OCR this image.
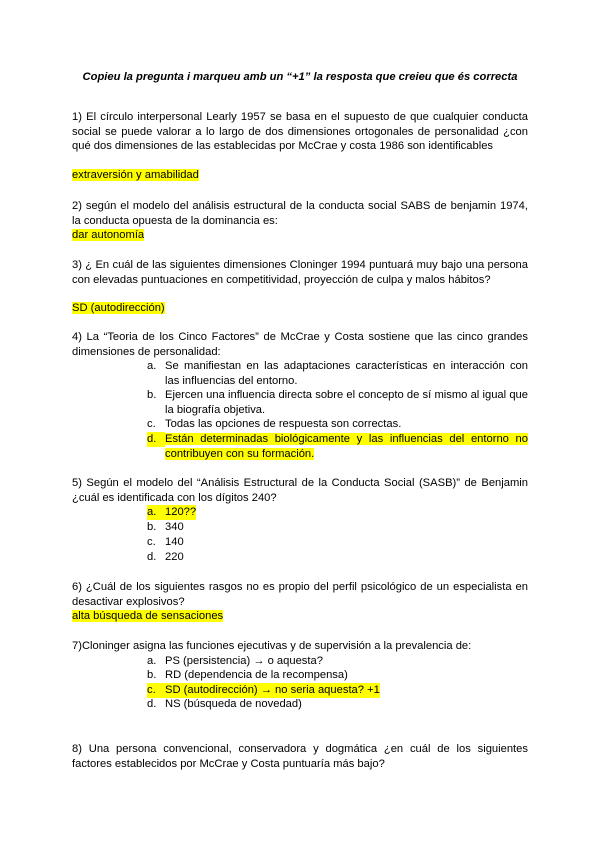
Copieu la pregunta i marqueu amb un “+1” la resposta que creieu que és correcta
1) El círculo interpersonal Learly 1957 se basa en el supuesto de que cualquier conducta social se puede valorar a lo largo de dos dimensiones ortogonales de personalidad ¿con qué dos dimensiones de las establecidas por McCrae y costa 1986 son identificables
extraversión y amabilidad
2) según el modelo del análisis estructural de la conducta social SABS de benjamin 1974, la conducta opuesta de la dominancia es:
dar autonomía
3) ¿ En cuál de las siguientes dimensiones Cloninger 1994 puntuará muy bajo una persona con elevadas puntuaciones en competitividad, proyección de culpa y malos hábitos?
SD (autodirección)
4) La “Teoria de los Cinco Factores” de McCrae y Costa sostiene que las cinco grandes dimensiones de personalidad:
a. Se manifiestan en las adaptaciones características en interacción con las influencias del entorno.
b. Ejercen una influencia directa sobre el concepto de sí mismo al igual que la biografía objetiva.
c. Todas las opciones de respuesta son correctas.
d. Están determinadas biológicamente y las influencias del entorno no contribuyen con su formación.
5) Según el modelo del “Análisis Estructural de la Conducta Social (SASB)” de Benjamin ¿cuál es identificada con los dígitos 240?
a. 120??
b. 340
c. 140
d. 220
6) ¿Cuál de los siguientes rasgos no es propio del perfil psicológico de un especialista en desactivar explosivos?
alta búsqueda de sensaciones
7)Cloninger asigna las funciones ejecutivas y de supervisión a la prevalencia de:
a. PS (persistencia) → o aquesta?
b. RD (dependencia de la recompensa)
c. SD (autodirección) → no seria aquesta? +1
d. NS (búsqueda de novedad)
8) Una persona convencional, conservadora y dogmática ¿en cuál de los siguientes factores establecidos por McCrae y Costa puntuaría más bajo?
